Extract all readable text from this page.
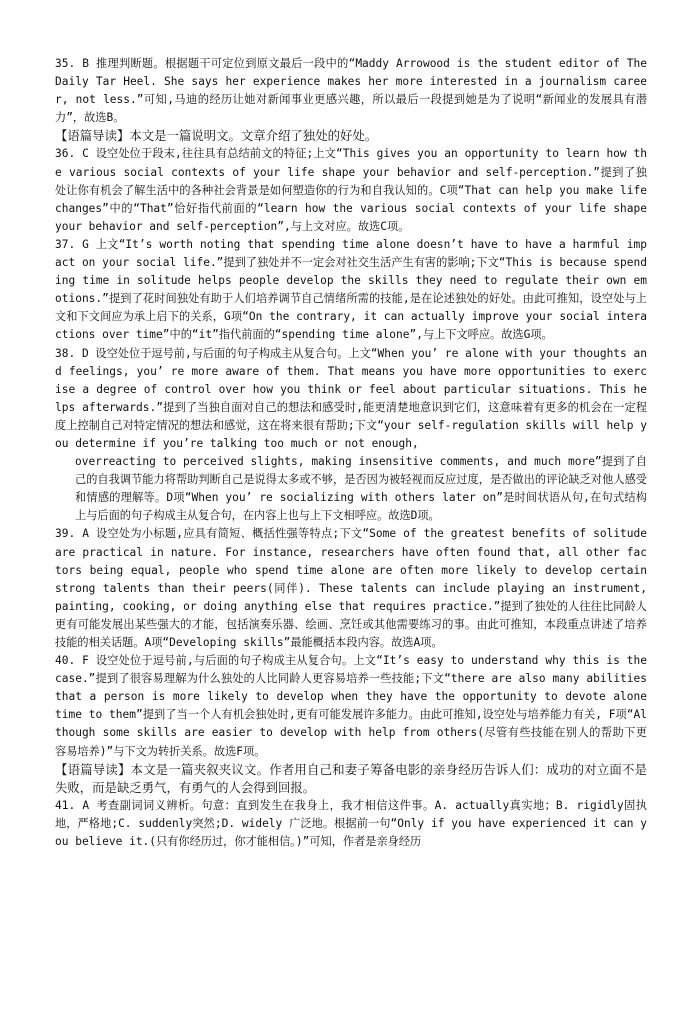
35. B 推理判断题。根据题干可定位到原文最后一段中的“Maddy Arrowood is the student editor of The Daily Tar Heel. She says her experience makes her more interested in a journalism career, not less.”可知,马迪的经历让她对新闻事业更感兴趣，所以最后一段提到她是为了说明“新闻业的发展具有潜力”，故选B。

【语篇导读】本文是一篇说明文。文章介绍了独处的好处。

36. C 设空处位于段末,往往具有总结前文的特征;上文“This gives you an opportunity to learn how the various social contexts of your life shape your behavior and self-perception.”提到了独处让你有机会了解生活中的各种社会背景是如何塑造你的行为和自我认知的。C项“That can help you make life changes”中的“That”恰好指代前面的“learn how the various social contexts of your life shape your behavior and self-perception”,与上文对应。故选C项。

37. G 上文“It’s worth noting that spending time alone doesn’t have to have a harmful impact on your social life.”提到了独处并不一定会对社交生活产生有害的影响;下文“This is because spending time in solitude helps people develop the skills they need to regulate their own emotions.”提到了花时间独处有助于人们培养调节自己情绪所需的技能,是在论述独处的好处。由此可推知，设空处与上文和下文间应为承上启下的关系，G项“On the contrary, it can actually improve your social interactions over time”中的“it”指代前面的“spending time alone”,与上下文呼应。故选G项。

38. D 设空处位于逗号前,与后面的句子构成主从复合句。上文“When you’ re alone with your thoughts and feelings, you’ re more aware of them. That means you have more opportunities to exercise a degree of control over how you think or feel about particular situations. This helps afterwards.”提到了当独自面对自己的想法和感受时,能更清楚地意识到它们，这意味着有更多的机会在一定程度上控制自己对特定情况的想法和感觉，这在将来很有帮助;下文“your self-regulation skills will help you determine if you’re talking too much or not enough,

overreacting to perceived slights, making insensitive comments, and much more”提到了自己的自我调节能力将帮助判断自己是说得太多或不够，是否因为被轻视而反应过度，是否做出的评论缺乏对他人感受和情感的理解等。D项“When you’ re socializing with others later on”是时间状语从句,在句式结构上与后面的句子构成主从复合句，在内容上也与上下文相呼应。故选D项。

39. A 设空处为小标题,应具有简短、概括性强等特点;下文“Some of the greatest benefits of solitude are practical in nature. For instance, researchers have often found that, all other factors being equal, people who spend time alone are often more likely to develop certain strong talents than their peers(同伴). These talents can include playing an instrument, painting, cooking, or doing anything else that requires practice.”提到了独处的人往往比同龄人更有可能发展出某些强大的才能，包括演奏乐器、绘画、烹饪或其他需要练习的事。由此可推知，本段重点讲述了培养技能的相关话题。A项“Developing skills”最能概括本段内容。故选A项。

40. F 设空处位于逗号前,与后面的句子构成主从复合句。上文“It’s easy to understand why this is the case.”提到了很容易理解为什么独处的人比同龄人更容易培养一些技能;下文“there are also many abilities that a person is more likely to develop when they have the opportunity to devote alone time to them”提到了当一个人有机会独处时,更有可能发展许多能力。由此可推知,设空处与培养能力有关, F项“Although some skills are easier to develop with help from others(尽管有些技能在别人的帮助下更容易培养)”与下文为转折关系。故选F项。

【语篇导读】本文是一篇夹叙夹议文。作者用自己和妻子筹备电影的亲身经历告诉人们：成功的对立面不是失败，而是缺乏勇气，有勇气的人会得到回报。

41. A 考查副词词义辨析。句意：直到发生在我身上，我才相信这件事。A. actually真实地；B. rigidly固执地，严格地;C. suddenly突然;D. widely 广泛地。根据前一句“Only if you have experienced it can you believe it.(只有你经历过，你才能相信。)”可知，作者是亲身经历
